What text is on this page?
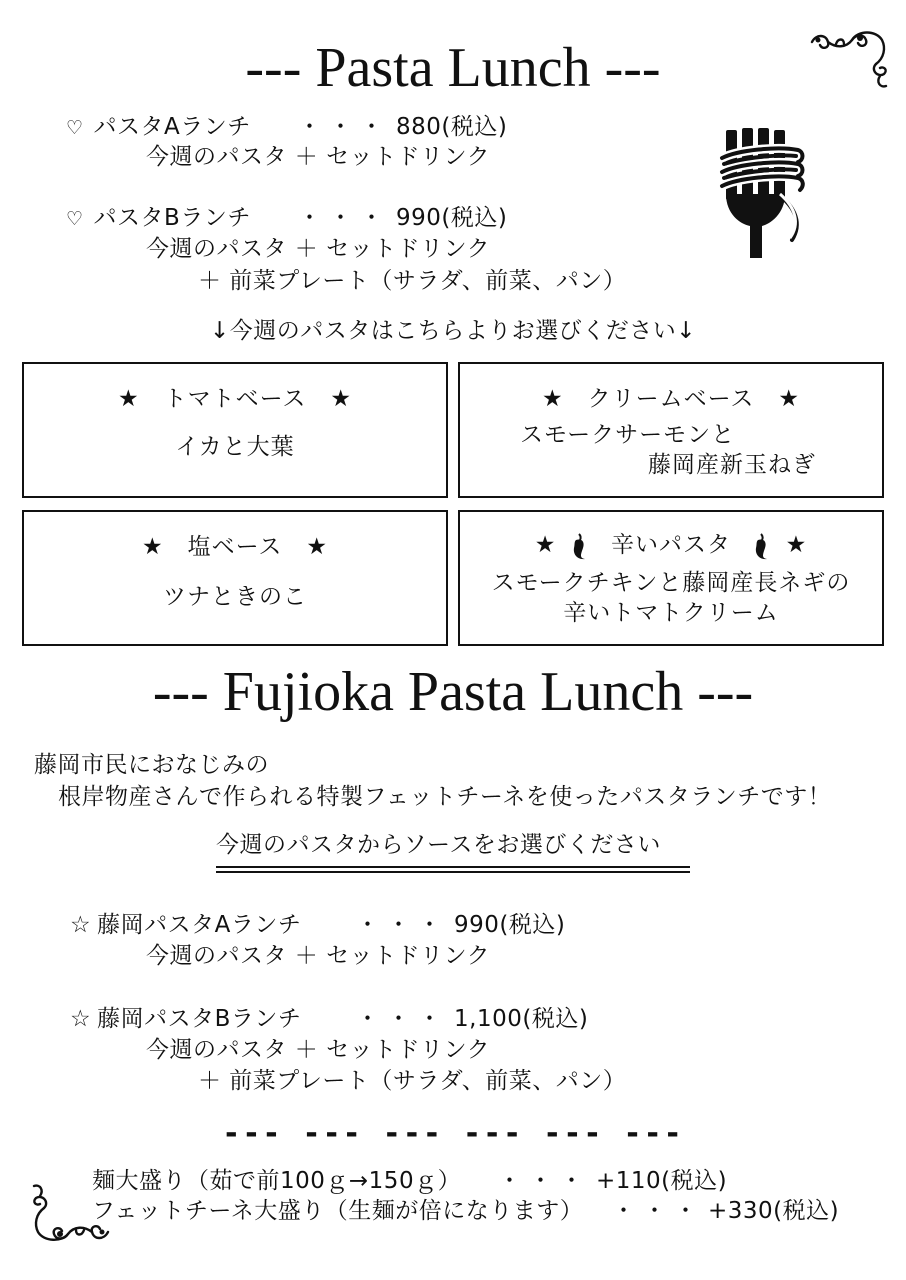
--- Pasta Lunch ---
♡ パスタAランチ ・・・ 880(税込)
今週のパスタ ＋ セットドリンク
♡ パスタBランチ ・・・ 990(税込)
今週のパスタ ＋ セットドリンク
＋ 前菜プレート（サラダ、前菜、パン）
↓今週のパスタはこちらよりお選びください↓
★　トマトベース　★
イカと大葉
★　クリームベース　★
スモークサーモンと
藤岡産新玉ねぎ
★　塩ベース　★
ツナときのこ
★ 辛いパスタ ★
スモークチキンと藤岡産長ネギの
辛いトマトクリーム
--- Fujioka Pasta Lunch ---
藤岡市民におなじみの
根岸物産さんで作られる特製フェットチーネを使ったパスタランチです！
今週のパスタからソースをお選びください
☆ 藤岡パスタAランチ ・・・ 990(税込)
今週のパスタ ＋ セットドリンク
☆ 藤岡パスタBランチ ・・・ 1,100(税込)
今週のパスタ ＋ セットドリンク
＋ 前菜プレート（サラダ、前菜、パン）
--- --- --- --- --- ---
麺大盛り（茹で前100ｇ→150ｇ） ・・・ +110(税込)
フェットチーネ大盛り（生麺が倍になります） ・・・ +330(税込)
